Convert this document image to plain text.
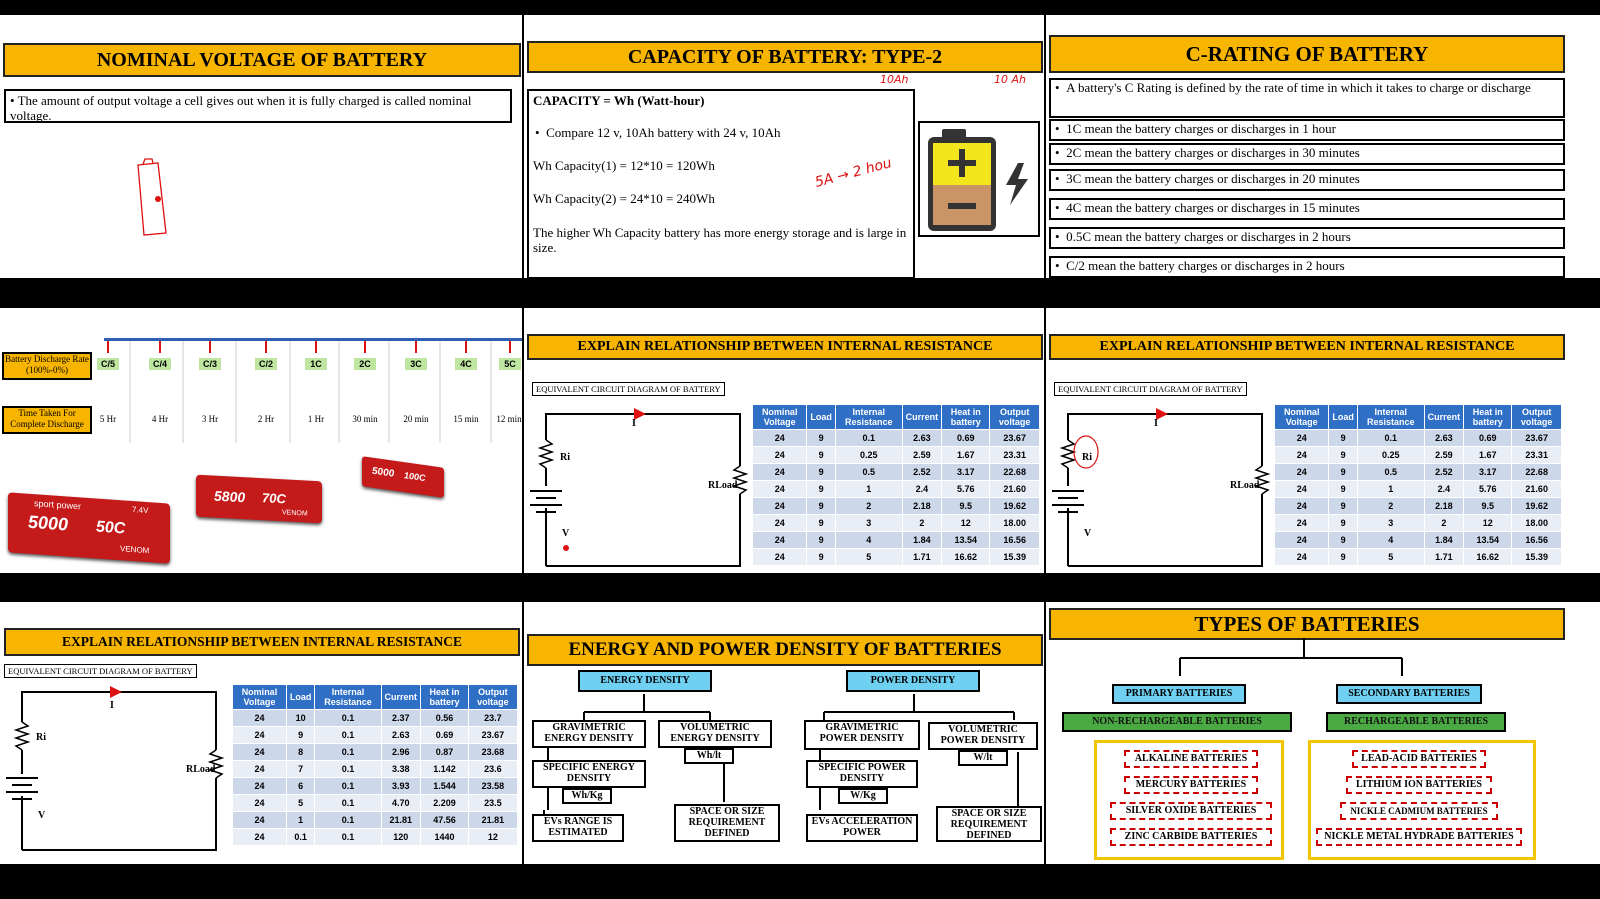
NOMINAL VOLTAGE OF BATTERY
• The amount of output voltage a cell gives out when it is fully charged is called nominal voltage.
CAPACITY OF BATTERY: TYPE-2
CAPACITY = Wh (Watt-hour)
•  Compare 12 v, 10Ah battery with 24 v, 10Ah
Wh Capacity(1) = 12*10 = 120Wh
Wh Capacity(2) = 24*10 = 240Wh
The higher Wh Capacity battery has more energy storage and is large in size.
10Ah	10 Ah
5A → 2 hou
C-RATING OF BATTERY
•  A battery's C Rating is defined by the rate of time in which it takes to charge or discharge
•  1C mean the battery charges or discharges in 1 hour
•  2C mean the battery charges or discharges in 30 minutes
•  3C mean the battery charges or discharges in 20 minutes
•  4C mean the battery charges or discharges in 15 minutes
•  0.5C mean the battery charges or discharges in 2 hours
•  C/2 mean the battery charges or discharges in 2 hours
Battery Discharge Rate (100%-0%)
Time Taken For Complete Discharge
C/5	C/4	C/3	C/2	1C	2C	3C	4C	5C
5 Hr	4 Hr	3 Hr	2 Hr	1 Hr	30 min	20 min	15 min	12 min
sport power
5000 50C
7.4V
VENOM
5800 70C
VENOM
5000 100C
EXPLAIN RELATIONSHIP BETWEEN INTERNAL RESISTANCE
EQUIVALENT CIRCUIT DIAGRAM OF BATTERY
Ri
RLoad
I
V
Nominal Voltage	Load	Internal Resistance	Current	Heat in battery	Output voltage
24	9	0.1	2.63	0.69	23.67
24	9	0.25	2.59	1.67	23.31
24	9	0.5	2.52	3.17	22.68
24	9	1	2.4	5.76	21.60
24	9	2	2.18	9.5	19.62
24	9	3	2	12	18.00
24	9	4	1.84	13.54	16.56
24	9	5	1.71	16.62	15.39
EXPLAIN RELATIONSHIP BETWEEN INTERNAL RESISTANCE
EQUIVALENT CIRCUIT DIAGRAM OF BATTERY
Ri
RLoad
I
V
Nominal Voltage	Load	Internal Resistance	Current	Heat in battery	Output voltage
24	9	0.1	2.63	0.69	23.67
24	9	0.25	2.59	1.67	23.31
24	9	0.5	2.52	3.17	22.68
24	9	1	2.4	5.76	21.60
24	9	2	2.18	9.5	19.62
24	9	3	2	12	18.00
24	9	4	1.84	13.54	16.56
24	9	5	1.71	16.62	15.39
EXPLAIN RELATIONSHIP BETWEEN INTERNAL RESISTANCE
EQUIVALENT CIRCUIT DIAGRAM OF BATTERY
Ri
RLoad
I
V
Nominal Voltage	Load	Internal Resistance	Current	Heat in battery	Output voltage
24	10	0.1	2.37	0.56	23.7
24	9	0.1	2.63	0.69	23.67
24	8	0.1	2.96	0.87	23.68
24	7	0.1	3.38	1.142	23.6
24	6	0.1	3.93	1.544	23.58
24	5	0.1	4.70	2.209	23.5
24	1	0.1	21.81	47.56	21.81
24	0.1	0.1	120	1440	12
ENERGY AND POWER DENSITY OF BATTERIES
ENERGY DENSITY	POWER DENSITY
GRAVIMETRIC ENERGY DENSITY
VOLUMETRIC ENERGY DENSITY
SPECIFIC ENERGY DENSITY
Wh/Kg
Wh/lt
EVs RANGE IS ESTIMATED
SPACE OR SIZE REQUIREMENT DEFINED
GRAVIMETRIC POWER DENSITY
VOLUMETRIC POWER DENSITY
SPECIFIC POWER DENSITY
W/Kg
W/lt
EVs ACCELERATION POWER
SPACE OR SIZE REQUIREMENT DEFINED
TYPES OF BATTERIES
PRIMARY BATTERIES	SECONDARY BATTERIES
NON-RECHARGEABLE BATTERIES	RECHARGEABLE BATTERIES
ALKALINE BATTERIES
MERCURY BATTERIES
SILVER OXIDE BATTERIES
ZINC CARBIDE BATTERIES
LEAD-ACID BATTERIES
LITHIUM ION BATTERIES
NICKLE CADMIUM BATTERIES
NICKLE METAL HYDRADE BATTERIES
